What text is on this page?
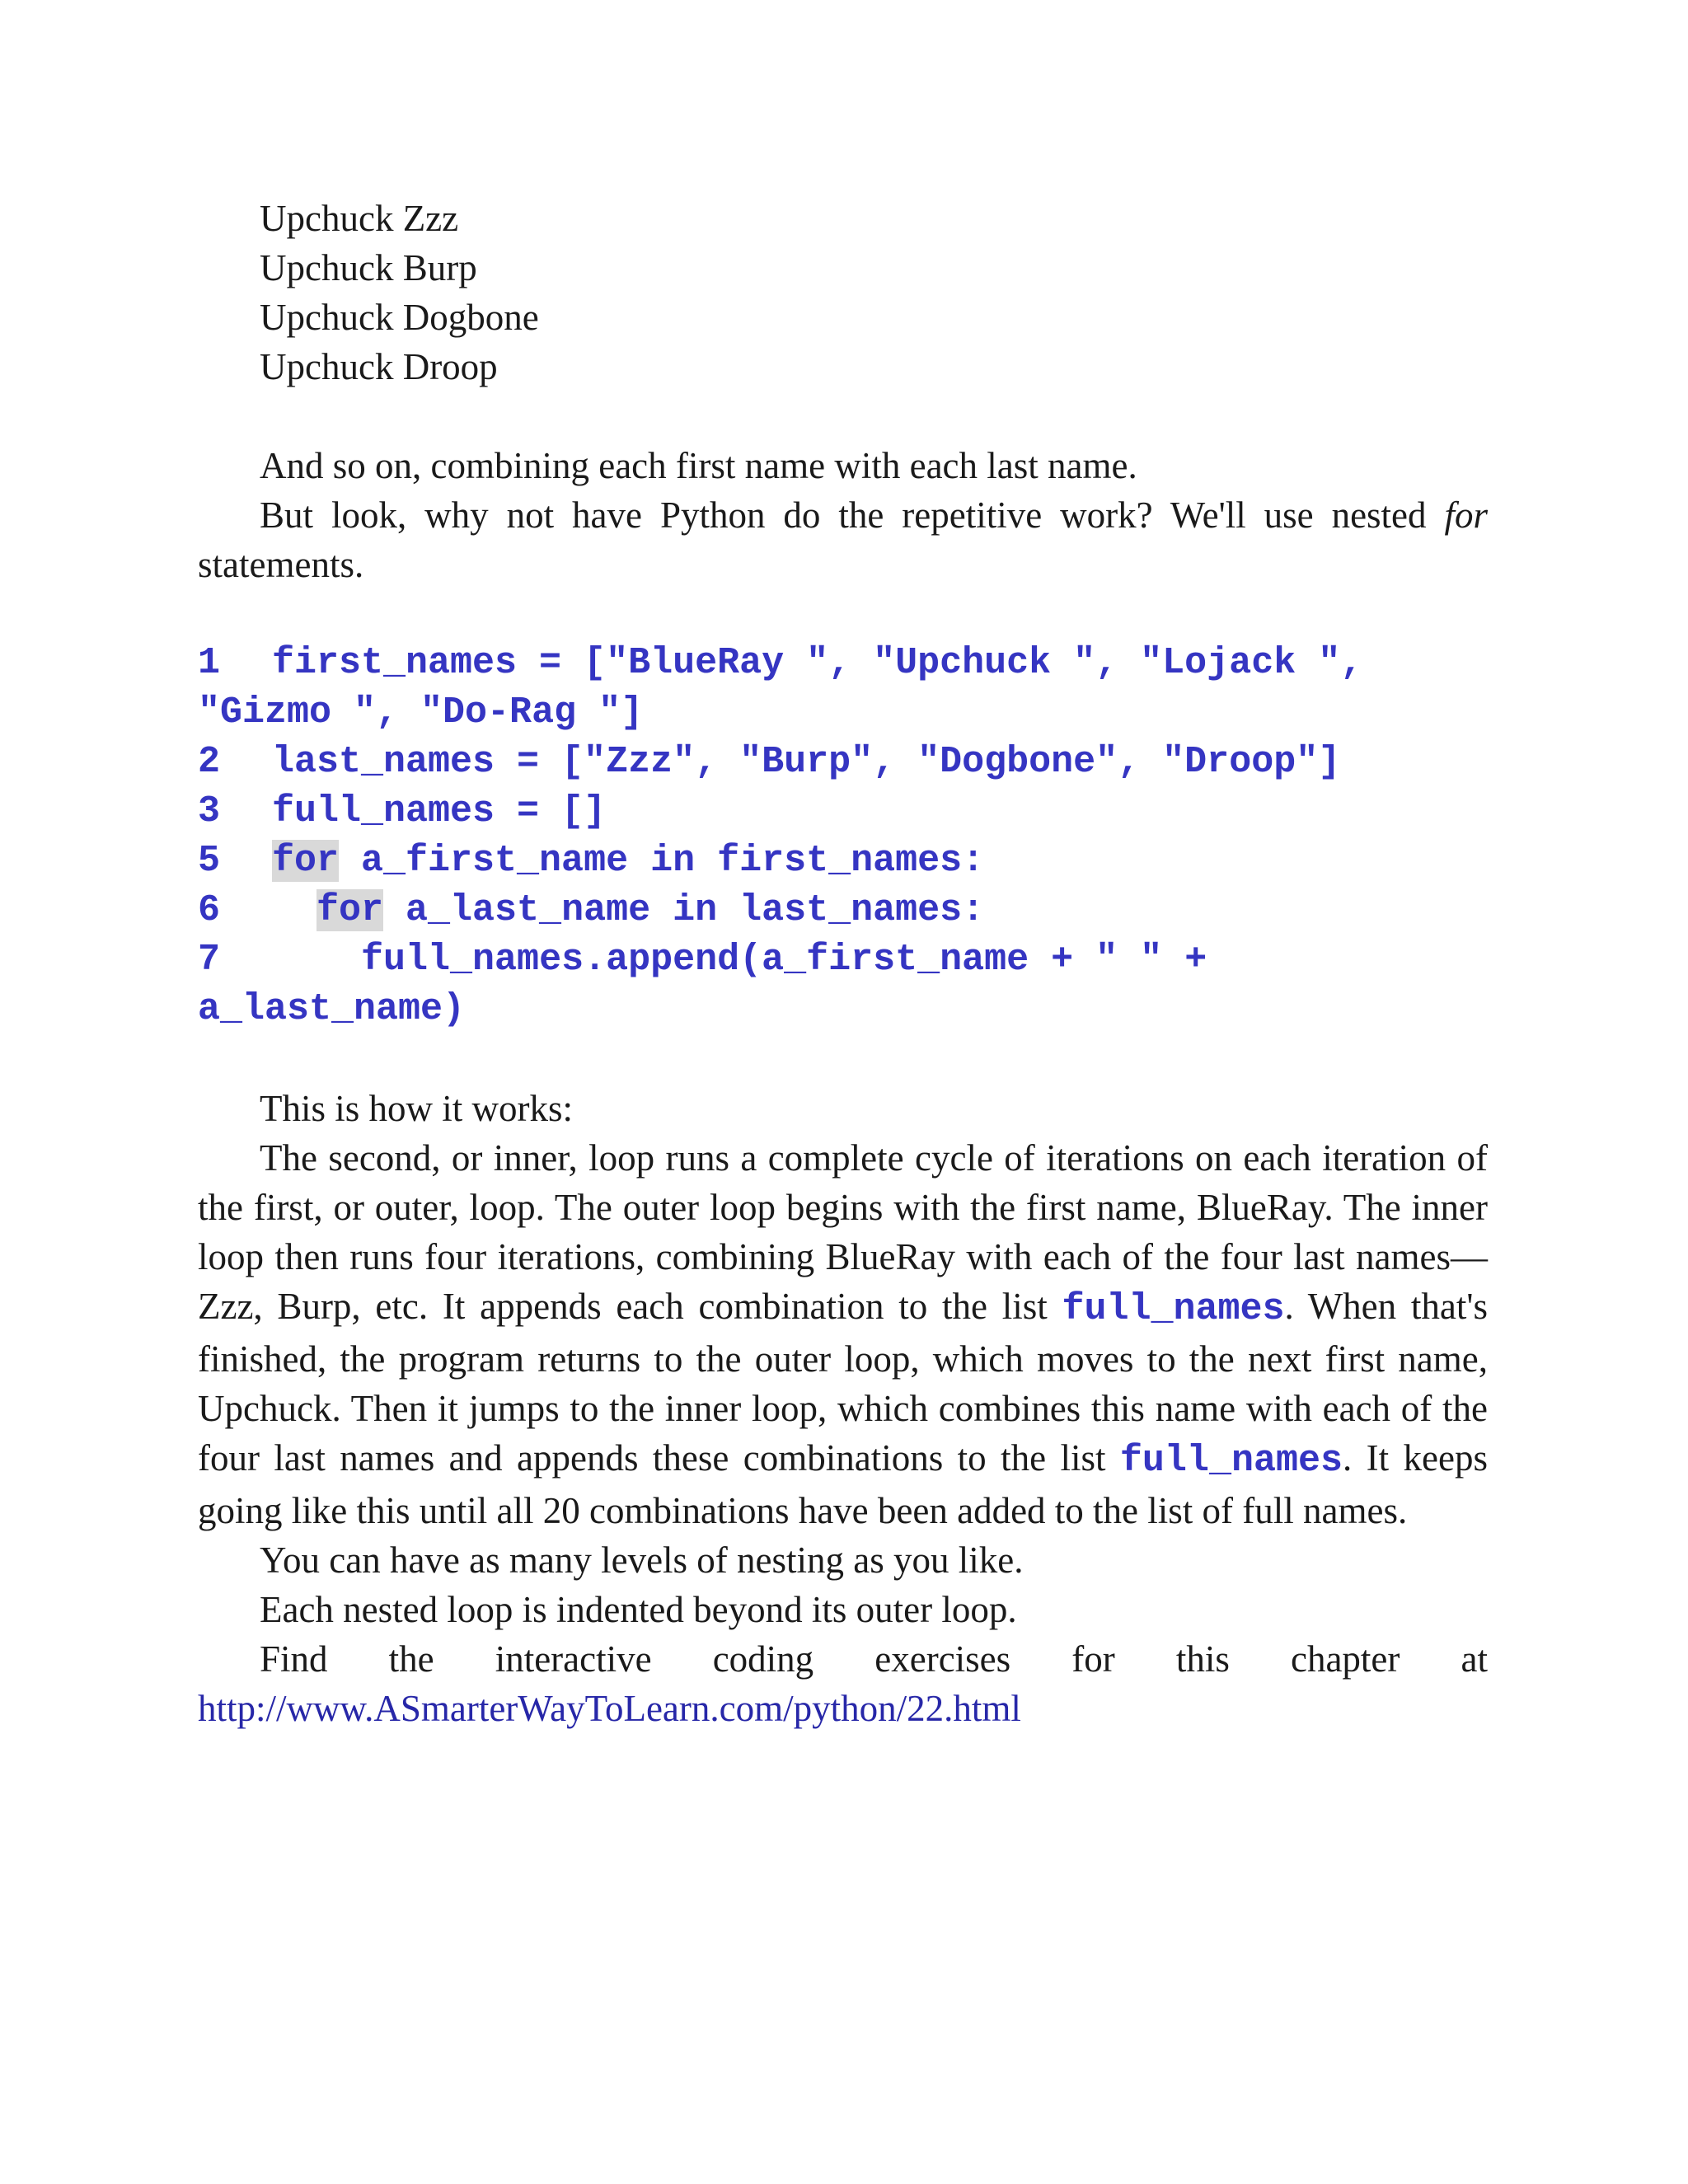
Upchuck Zzz

Upchuck Burp

Upchuck Dogbone

Upchuck Droop

And so on, combining each first name with each last name.

But look, why not have Python do the repetitive work? We'll use nested for statements.

1 first_names = ["BlueRay ", "Upchuck ", "Lojack ",

"Gizmo ", "Do-Rag "]

2 last_names = ["Zzz", "Burp", "Dogbone", "Droop"]

3 full_names = []

5 for a_first_name in first_names:

6	for a_last_name in last_names:

7	full_names.append(a_first_name + " " +

a_last_name)

This is how it works:

The second, or inner, loop runs a complete cycle of iterations on each iteration of the first, or outer, loop. The outer loop begins with the first name, BlueRay. The inner loop then runs four iterations, combining BlueRay with each of the four last names—Zzz, Burp, etc. It appends each combination to the list full_names. When that's finished, the program returns to the outer loop, which moves to the next first name, Upchuck. Then it jumps to the inner loop, which combines this name with each of the four last names and appends these combinations to the list full_names. It keeps going like this until all 20 combinations have been added to the list of full names.

You can have as many levels of nesting as you like.

Each nested loop is indented beyond its outer loop.

Find the interactive coding exercises for this chapter at

http://www.ASmarterWayToLearn.com/python/22.html
